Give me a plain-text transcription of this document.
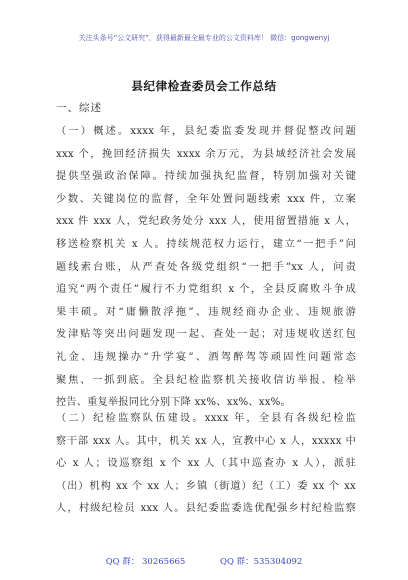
关注头条号“公文研究”，获得最新最全最专业的公文资料库！ 微信：gongwenyj
县纪律检查委员会工作总结
一、综述
（一）概述。xxxx 年，县纪委监委发现并督促整改问题
xxx 个，挽回经济损失 xxxx 余万元，为县域经济社会发展
提供坚强政治保障。持续加强执纪监督，特别加强对关键
少数、关键岗位的监督，全年处置问题线索 xxx 件，立案
xxx 件 xxx 人，党纪政务处分 xxx 人，使用留置措施 x 人，
移送检察机关 x 人。持续规范权力运行，建立“一把手”问
题线索台账，从严查处各级党组织“一把手”xx 人，问责
追究“两个责任”履行不力党组织 x 个，全县反腐败斗争成
果丰硕。对“庸懒散浮拖”、违规经商办企业、违规旅游
发津贴等突出问题发现一起、查处一起；对违规收送红包
礼金、违规操办“升学宴”、酒驾醉驾等顽固性问题常态
聚焦、一抓到底。全县纪检监察机关接收信访举报、检举
控告、重复举报同比分别下降 xx%、xx%、xx%。
（二）纪检监察队伍建设。xxxx 年，全县有各级纪检监
察干部 xxx 人。其中，机关 xx 人，宣教中心 x 人，xxxxx 中
心 x 人；设巡察组 x 个 xx 人（其中巡查办 x 人），派驻
（出）机构 xx 个 xx 人；乡镇（街道）纪（工）委 xx 个 xx
人，村级纪检员 xxx 人。县纪委监委选优配强乡村纪检监察
QQ 群： 30265665	QQ 群：535304092
